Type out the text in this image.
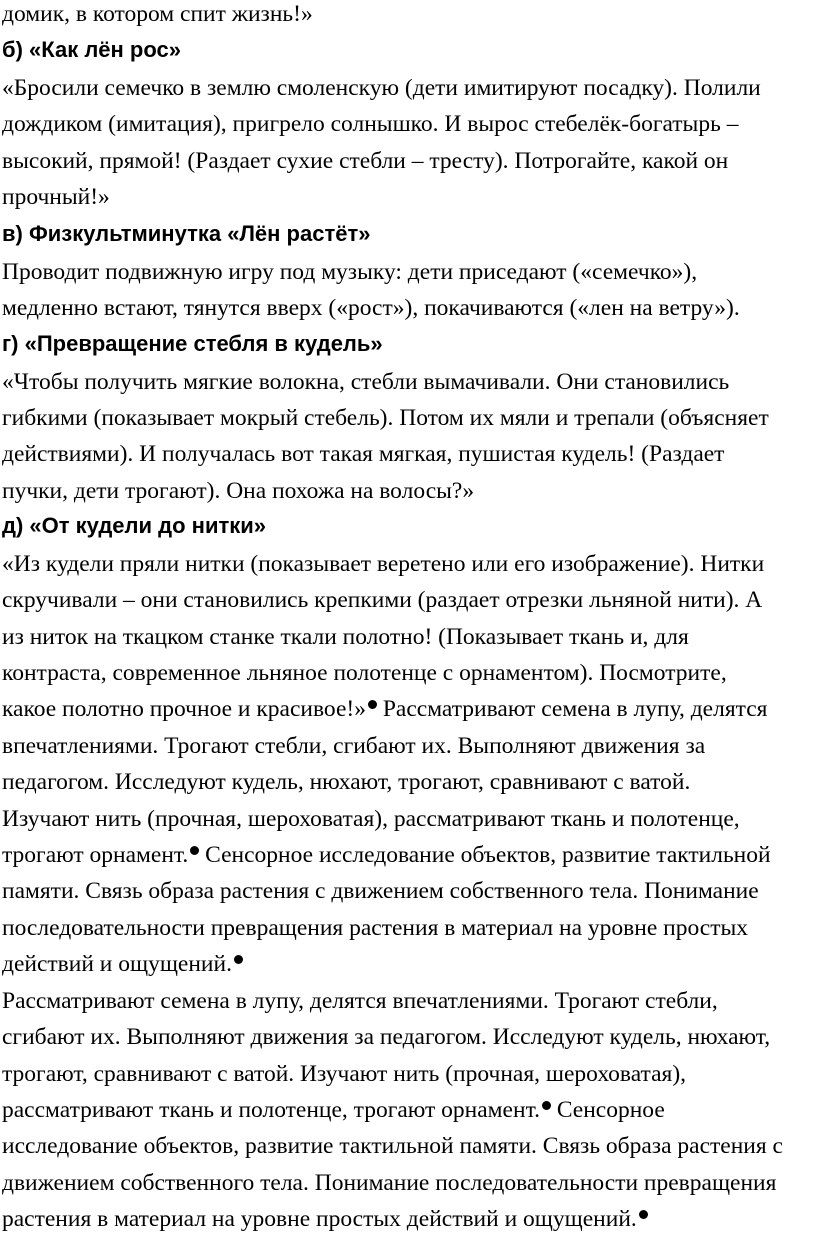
домик, в котором спит жизнь!»
б) «Как лён рос»
«Бросили семечко в землю смоленскую (дети имитируют посадку). Полили
дождиком (имитация), пригрело солнышко. И вырос стебелёк-богатырь –
высокий, прямой! (Раздает сухие стебли – тресту). Потрогайте, какой он
прочный!»
в) Физкультминутка «Лён растёт»
Проводит подвижную игру под музыку: дети приседают («семечко»),
медленно встают, тянутся вверх («рост»), покачиваются («лен на ветру»).
г) «Превращение стебля в кудель»
«Чтобы получить мягкие волокна, стебли вымачивали. Они становились
гибкими (показывает мокрый стебель). Потом их мяли и трепали (объясняет
действиями). И получалась вот такая мягкая, пушистая кудель! (Раздает
пучки, дети трогают). Она похожа на волосы?»
д) «От кудели до нитки»
«Из кудели пряли нитки (показывает веретено или его изображение). Нитки
скручивали – они становились крепкими (раздает отрезки льняной нити). А
из ниток на ткацком станке ткали полотно! (Показывает ткань и, для
контраста, современное льняное полотенце с орнаментом). Посмотрите,
какое полотно прочное и красивое!» Рассматривают семена в лупу, делятся
впечатлениями. Трогают стебли, сгибают их. Выполняют движения за
педагогом. Исследуют кудель, нюхают, трогают, сравнивают с ватой.
Изучают нить (прочная, шероховатая), рассматривают ткань и полотенце,
трогают орнамент. Сенсорное исследование объектов, развитие тактильной
памяти. Связь образа растения с движением собственного тела. Понимание
последовательности превращения растения в материал на уровне простых
действий и ощущений.
Рассматривают семена в лупу, делятся впечатлениями. Трогают стебли,
сгибают их. Выполняют движения за педагогом. Исследуют кудель, нюхают,
трогают, сравнивают с ватой. Изучают нить (прочная, шероховатая),
рассматривают ткань и полотенце, трогают орнамент. Сенсорное
исследование объектов, развитие тактильной памяти. Связь образа растения с
движением собственного тела. Понимание последовательности превращения
растения в материал на уровне простых действий и ощущений.
